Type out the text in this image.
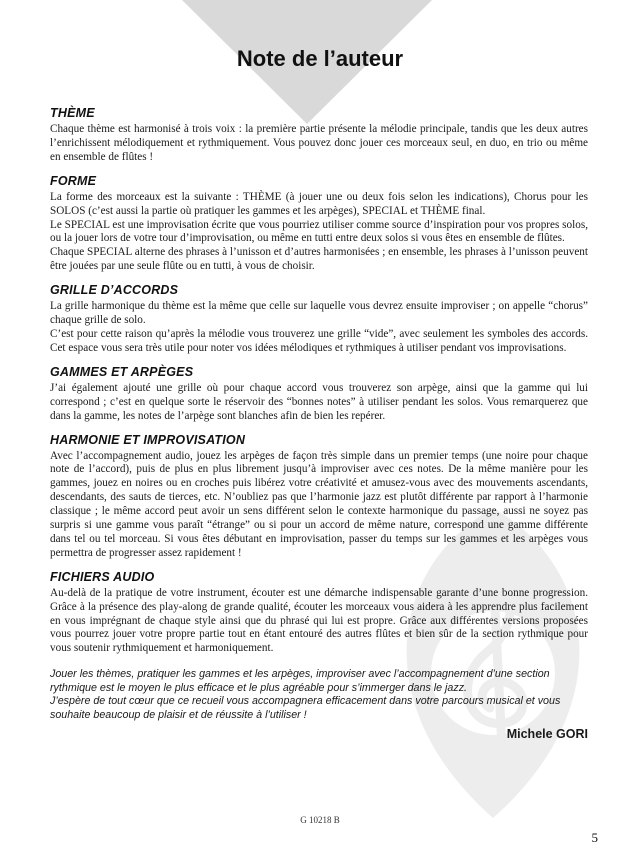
Note de l’auteur
THÈME

Chaque thème est harmonisé à trois voix : la première partie présente la mélodie principale, tandis que les deux autres l’enrichissent mélodiquement et rythmiquement. Vous pouvez donc jouer ces morceaux seul, en duo, en trio ou même en ensemble de flûtes !

FORME

La forme des morceaux est la suivante : THÈME (à jouer une ou deux fois selon les indications), Chorus pour les SOLOS (c’est aussi la partie où pratiquer les gammes et les arpèges), SPECIAL et THÈME final.

Le SPECIAL est une improvisation écrite que vous pourriez utiliser comme source d’inspiration pour vos propres solos, ou la jouer lors de votre tour d’improvisation, ou même en tutti entre deux solos si vous êtes en ensemble de flûtes.

Chaque SPECIAL alterne des phrases à l’unisson et d’autres harmonisées ; en ensemble, les phrases à l’unisson peuvent être jouées par une seule flûte ou en tutti, à vous de choisir.

GRILLE D’ACCORDS

La grille harmonique du thème est la même que celle sur laquelle vous devrez ensuite improviser ; on appelle “chorus” chaque grille de solo.

C’est pour cette raison qu’après la mélodie vous trouverez une grille “vide”, avec seulement les symboles des accords. Cet espace vous sera très utile pour noter vos idées mélodiques et rythmiques à utiliser pendant vos improvisations.

GAMMES ET ARPÈGES

J’ai également ajouté une grille où pour chaque accord vous trouverez son arpège, ainsi que la gamme qui lui correspond ; c’est en quelque sorte le réservoir des “bonnes notes” à utiliser pendant les solos. Vous remarquerez que dans la gamme, les notes de l’arpège sont blanches afin de bien les repérer.

HARMONIE ET IMPROVISATION

Avec l’accompagnement audio, jouez les arpèges de façon très simple dans un premier temps (une noire pour chaque note de l’accord), puis de plus en plus librement jusqu’à improviser avec ces notes. De la même manière pour les gammes, jouez en noires ou en croches puis libérez votre créativité et amusez-vous avec des mouvements ascendants, descendants, des sauts de tierces, etc. N’oubliez pas que l’harmonie jazz est plutôt différente par rapport à l’harmonie classique ; le même accord peut avoir un sens différent selon le contexte harmonique du passage, aussi ne soyez pas surpris si une gamme vous paraît “étrange” ou si pour un accord de même nature, correspond une gamme différente dans tel ou tel morceau. Si vous êtes débutant en improvisation, passer du temps sur les gammes et les arpèges vous permettra de progresser assez rapidement !

FICHIERS AUDIO

Au-delà de la pratique de votre instrument, écouter est une démarche indispensable garante d’une bonne progression. Grâce à la présence des play-along de grande qualité, écouter les morceaux vous aidera à les apprendre plus facilement en vous imprégnant de chaque style ainsi que du phrasé qui lui est propre. Grâce aux différentes versions proposées vous pourrez jouer votre propre partie tout en étant entouré des autres flûtes et bien sûr de la section rythmique pour vous soutenir rythmiquement et harmoniquement.

Jouer les thèmes, pratiquer les gammes et les arpèges, improviser avec l’accompagnement d’une section rythmique est le moyen le plus efficace et le plus agréable pour s’immerger dans le jazz.
J’espère de tout cœur que ce recueil vous accompagnera efficacement dans votre parcours musical et vous souhaite beaucoup de plaisir et de réussite à l’utiliser !

Michele GORI
G 10218 B
5
